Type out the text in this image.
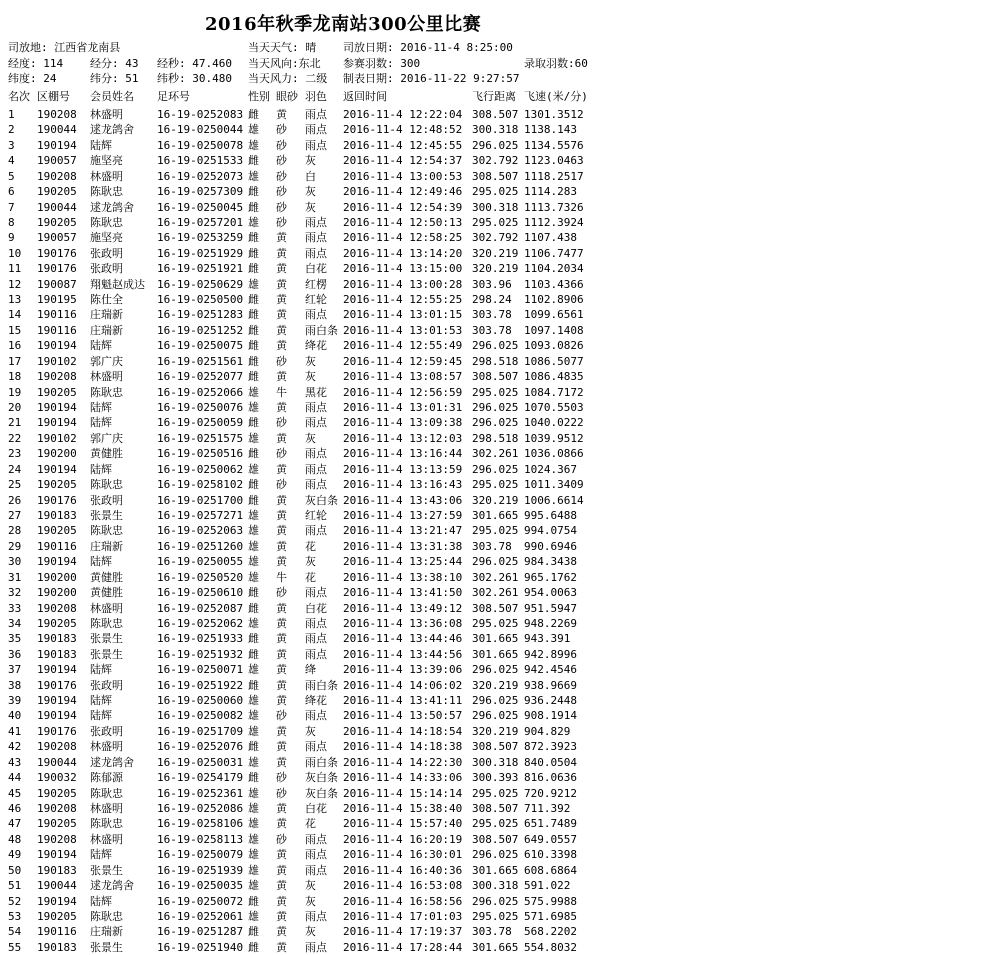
2016年秋季龙南站300公里比赛
司放地: 江西省龙南县	当天天气: 晴 司放日期: 2016-11-4 8:25:00
经度: 114 经分: 43 经秒: 47.460 当天风向:东北 参赛羽数: 300	录取羽数:60
纬度: 24	纬分: 51 纬秒: 30.480 当天风力: 二级 制表日期: 2016-11-22 9:27:57
名次 区棚号 会员姓名 足环号	性别 眼砂 羽色 返回时间	飞行距离 飞速(米/分)
1 190208 林盛明	16-19-0252083 雌 黄 雨点 2016-11-4 12:22:04 308.507 1301.3512
2 190044 逑龙鸽舍 16-19-0250044 雄 砂 雨点 2016-11-4 12:48:52 300.318 1138.143
3 190194 陆辉	16-19-0250078 雄 砂 雨点 2016-11-4 12:45:55 296.025 1134.5576
4 190057 施坚亮	16-19-0251533 雌 砂 灰 2016-11-4 12:54:37 302.792 1123.0463
5 190208 林盛明	16-19-0252073 雄 砂 白 2016-11-4 13:00:53 308.507 1118.2517
6 190205 陈耿忠	16-19-0257309 雌 砂 灰 2016-11-4 12:49:46 295.025 1114.283
7 190044 逑龙鸽舍 16-19-0250045 雌 砂 灰 2016-11-4 12:54:39 300.318 1113.7326
8 190205 陈耿忠	16-19-0257201 雄 砂 雨点 2016-11-4 12:50:13 295.025 1112.3924
9 190057 施坚亮	16-19-0253259 雌 黄 雨点 2016-11-4 12:58:25 302.792 1107.438
10 190176 张政明	16-19-0251929 雌 黄 雨点 2016-11-4 13:14:20 320.219 1106.7477
11 190176 张政明	16-19-0251921 雌 黄 白花 2016-11-4 13:15:00 320.219 1104.2034
12 190087 翔魁赵成达 16-19-0250629 雄 黄 红楞 2016-11-4 13:00:28 303.96 1103.4366
13 190195 陈仕全	16-19-0250500 雌 黄 红轮 2016-11-4 12:55:25 298.24 1102.8906
14 190116 庄瑞新	16-19-0251283 雌 黄 雨点 2016-11-4 13:01:15 303.78 1099.6561
15 190116 庄瑞新	16-19-0251252 雌 黄 雨白条 2016-11-4 13:01:53 303.78 1097.1408
16 190194 陆辉	16-19-0250075 雌 黄 绛花 2016-11-4 12:55:49 296.025 1093.0826
17 190102 郭广庆	16-19-0251561 雌 砂 灰 2016-11-4 12:59:45 298.518 1086.5077
18 190208 林盛明	16-19-0252077 雌 黄 灰 2016-11-4 13:08:57 308.507 1086.4835
19 190205 陈耿忠	16-19-0252066 雄 牛 黑花 2016-11-4 12:56:59 295.025 1084.7172
20 190194 陆辉	16-19-0250076 雄 黄 雨点 2016-11-4 13:01:31 296.025 1070.5503
21 190194 陆辉	16-19-0250059 雌 砂 雨点 2016-11-4 13:09:38 296.025 1040.0222
22 190102 郭广庆	16-19-0251575 雄 黄 灰 2016-11-4 13:12:03 298.518 1039.9512
23 190200 黄健胜	16-19-0250516 雌 砂 雨点 2016-11-4 13:16:44 302.261 1036.0866
24 190194 陆辉	16-19-0250062 雄 黄 雨点 2016-11-4 13:13:59 296.025 1024.367
25 190205 陈耿忠	16-19-0258102 雌 砂 雨点 2016-11-4 13:16:43 295.025 1011.3409
26 190176 张政明	16-19-0251700 雌 黄 灰白条 2016-11-4 13:43:06 320.219 1006.6614
27 190183 张景生	16-19-0257271 雄 黄 红轮 2016-11-4 13:27:59 301.665 995.6488
28 190205 陈耿忠	16-19-0252063 雄 黄 雨点 2016-11-4 13:21:47 295.025 994.0754
29 190116 庄瑞新	16-19-0251260 雄 黄 花 2016-11-4 13:31:38 303.78 990.6946
30 190194 陆辉	16-19-0250055 雄 黄 灰 2016-11-4 13:25:44 296.025 984.3438
31 190200 黄健胜	16-19-0250520 雄 牛 花 2016-11-4 13:38:10 302.261 965.1762
32 190200 黄健胜	16-19-0250610 雌 砂 雨点 2016-11-4 13:41:50 302.261 954.0063
33 190208 林盛明	16-19-0252087 雌 黄 白花 2016-11-4 13:49:12 308.507 951.5947
34 190205 陈耿忠	16-19-0252062 雄 黄 雨点 2016-11-4 13:36:08 295.025 948.2269
35 190183 张景生	16-19-0251933 雌 黄 雨点 2016-11-4 13:44:46 301.665 943.391
36 190183 张景生	16-19-0251932 雌 黄 雨点 2016-11-4 13:44:56 301.665 942.8996
37 190194 陆辉	16-19-0250071 雄 黄 绛 2016-11-4 13:39:06 296.025 942.4546
38 190176 张政明	16-19-0251922 雌 黄 雨白条 2016-11-4 14:06:02 320.219 938.9669
39 190194 陆辉	16-19-0250060 雄 黄 绛花 2016-11-4 13:41:11 296.025 936.2448
40 190194 陆辉	16-19-0250082 雄 砂 雨点 2016-11-4 13:50:57 296.025 908.1914
41 190176 张政明	16-19-0251709 雄 黄 灰 2016-11-4 14:18:54 320.219 904.829
42 190208 林盛明	16-19-0252076 雌 黄 雨点 2016-11-4 14:18:38 308.507 872.3923
43 190044 逑龙鸽舍 16-19-0250031 雄 黄 雨白条 2016-11-4 14:22:30 300.318 840.0504
44 190032 陈郁源	16-19-0254179 雌 砂 灰白条 2016-11-4 14:33:06 300.393 816.0636
45 190205 陈耿忠	16-19-0252361 雄 砂 灰白条 2016-11-4 15:14:14 295.025 720.9212
46 190208 林盛明	16-19-0252086 雄 黄 白花 2016-11-4 15:38:40 308.507 711.392
47 190205 陈耿忠	16-19-0258106 雄 黄 花 2016-11-4 15:57:40 295.025 651.7489
48 190208 林盛明	16-19-0258113 雄 砂 雨点 2016-11-4 16:20:19 308.507 649.0557
49 190194 陆辉	16-19-0250079 雄 黄 雨点 2016-11-4 16:30:01 296.025 610.3398
50 190183 张景生	16-19-0251939 雄 黄 雨点 2016-11-4 16:40:36 301.665 608.6864
51 190044 逑龙鸽舍 16-19-0250035 雄 黄 灰 2016-11-4 16:53:08 300.318 591.022
52 190194 陆辉	16-19-0250072 雌 黄 灰 2016-11-4 16:58:56 296.025 575.9988
53 190205 陈耿忠	16-19-0252061 雄 黄 雨点 2016-11-4 17:01:03 295.025 571.6985
54 190116 庄瑞新	16-19-0251287 雌 黄 灰 2016-11-4 17:19:37 303.78 568.2202
55 190183 张景生	16-19-0251940 雌 黄 雨点 2016-11-4 17:28:44 301.665 554.8032
